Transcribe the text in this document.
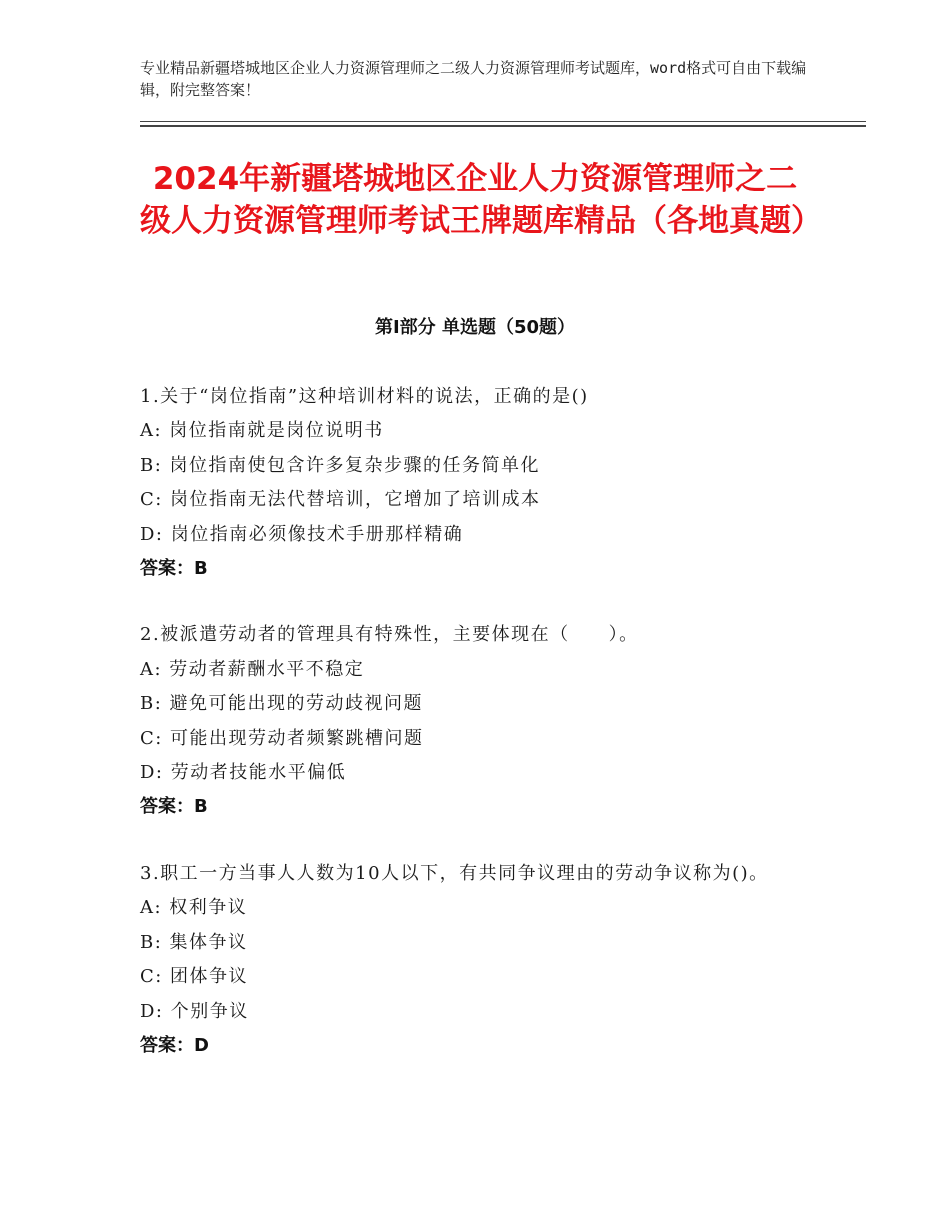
专业精品新疆塔城地区企业人力资源管理师之二级人力资源管理师考试题库，word格式可自由下载编辑，附完整答案！
2024年新疆塔城地区企业人力资源管理师之二级人力资源管理师考试王牌题库精品（各地真题）
第Ⅰ部分 单选题（50题）
1.关于“岗位指南”这种培训材料的说法，正确的是()
A: 岗位指南就是岗位说明书
B: 岗位指南使包含许多复杂步骤的任务简单化
C: 岗位指南无法代替培训，它增加了培训成本
D: 岗位指南必须像技术手册那样精确
答案：B
2.被派遣劳动者的管理具有特殊性，主要体现在（　　）。
A: 劳动者薪酬水平不稳定
B: 避免可能出现的劳动歧视问题
C: 可能出现劳动者频繁跳槽问题
D: 劳动者技能水平偏低
答案：B
3.职工一方当事人人数为10人以下，有共同争议理由的劳动争议称为()。
A: 权利争议
B: 集体争议
C: 团体争议
D: 个别争议
答案：D
